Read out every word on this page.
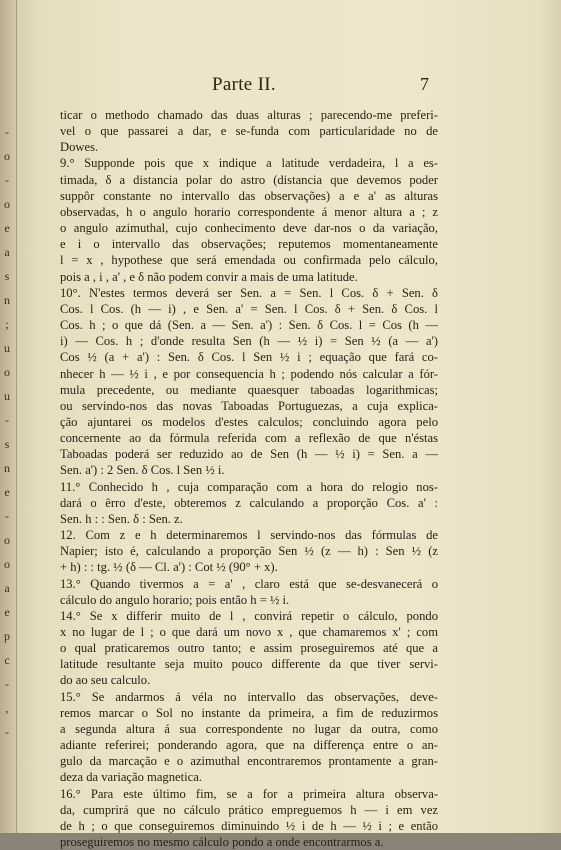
-
o
-
o
e
a
s
n
;
u
o
u
-
s
n
e
-
o
o
a
e
p
c
-
,
-
Parte II.	7
ticar o methodo chamado das duas alturas ; parecendo-me preferi-
vel o que passarei a dar, e se-funda com particularidade no de
Dowes.
9.° Supponde pois que x indique a latitude verdadeira, l a es-
timada, δ a distancia polar do astro (distancia que devemos poder
suppôr constante no intervallo das observações) a e a' as alturas
observadas, h o angulo horario correspondente á menor altura a ; z
o angulo azimuthal, cujo conhecimento deve dar-nos o da variação,
e i o intervallo das observações; reputemos momentaneamente
l = x , hypothese que será emendada ou confirmada pelo cálculo,
pois a , i , a' , e δ não podem convir a mais de uma latitude.
10°. N'estes termos deverá ser Sen. a = Sen. l Cos. δ + Sen. δ
Cos. l Cos. (h — i) , e Sen. a' = Sen. l Cos. δ + Sen. δ Cos. l
Cos. h ; o que dá (Sen. a — Sen. a') : Sen. δ Cos. l = Cos (h —
i) — Cos. h ; d'onde resulta Sen (h — ½ i) = Sen ½ (a — a')
Cos ½ (a + a') : Sen. δ Cos. l Sen ½ i ; equação que fará co-
nhecer h — ½ i , e por consequencia h ; podendo nós calcular a fór-
mula precedente, ou mediante quaesquer taboadas logarithmicas;
ou servindo-nos das novas Taboadas Portuguezas, a cuja explica-
ção ajuntarei os modelos d'estes calculos; concluindo agora pelo
concernente ao da fórmula referida com a reflexão de que n'éstas
Taboadas poderá ser reduzido ao de Sen (h — ½ i) = Sen. a —
Sen. a') : 2 Sen. δ Cos. l Sen ½ i.
11.° Conhecido h , cuja comparação com a hora do relogio nos-
dará o êrro d'este, obteremos z calculando a proporção Cos. a' :
Sen. h : : Sen. δ : Sen. z.
12. Com z e h determinaremos l servindo-nos das fórmulas de
Napier; isto é, calculando a proporção Sen ½ (z — h) : Sen ½ (z
+ h) : : tg. ½ (δ — Cl. a') : Cot ½ (90° + x).
13.° Quando tivermos a = a' , claro está que se-desvanecerá o
cálculo do angulo horario; pois então h = ½ i.
14.° Se x differir muito de l , convirá repetir o cálculo, pondo
x no lugar de l ; o que dará um novo x , que chamaremos x' ; com
o qual praticaremos outro tanto; e assim proseguiremos até que a
latitude resultante seja muito pouco differente da que tiver servi-
do ao seu calculo.
15.° Se andarmos á véla no intervallo das observações, deve-
remos marcar o Sol no instante da primeira, a fim de reduzirmos
a segunda altura á sua correspondente no lugar da outra, como
adiante referirei; ponderando agora, que na differença entre o an-
gulo da marcação e o azimuthal encontraremos prontamente a gran-
deza da variação magnetica.
16.° Para este último fim, se a for a primeira altura observa-
da, cumprirá que no cálculo prático empreguemos h — i em vez
de h ; o que conseguiremos diminuindo ½ i de h — ½ i ; e então
proseguiremos no mesmo cálculo pondo a onde encontrarmos a.
